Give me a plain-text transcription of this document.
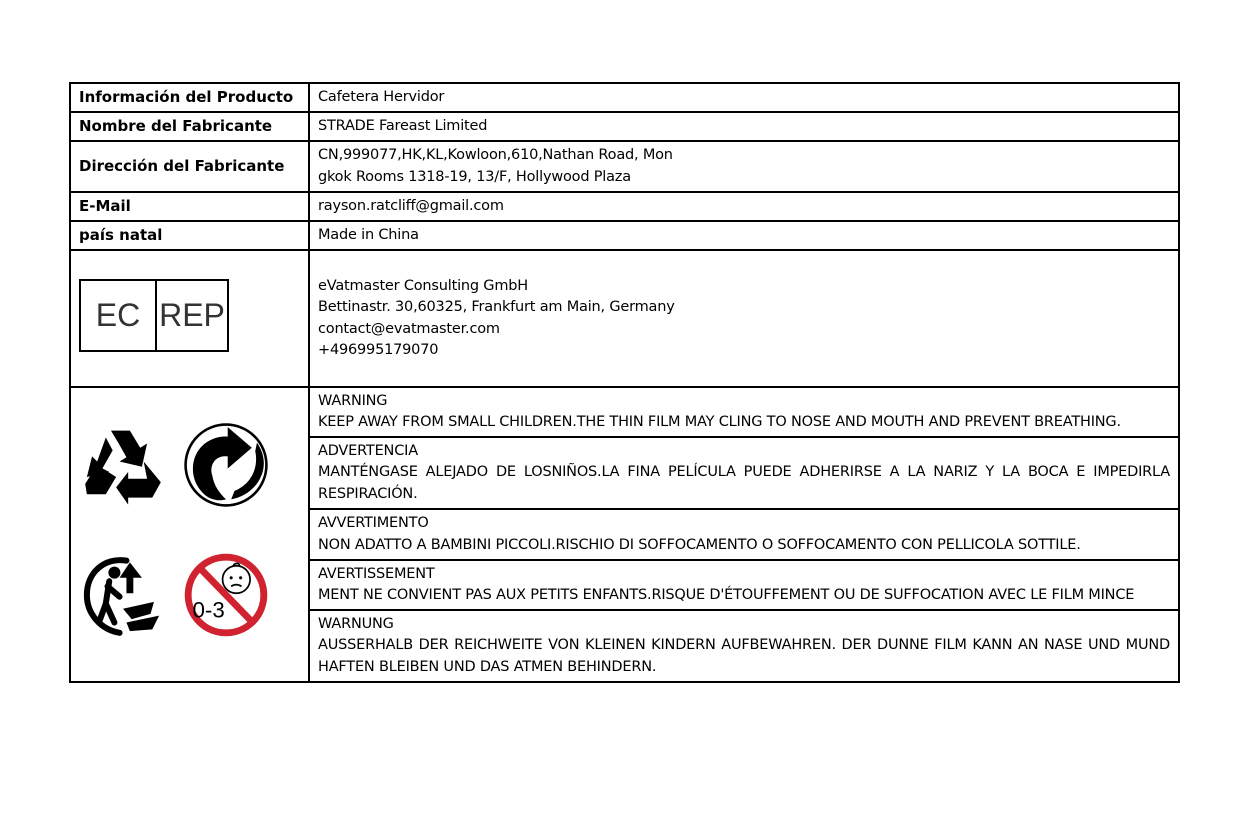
Información del Producto	Cafetera Hervidor
Nombre del Fabricante	STRADE Fareast Limited
Dirección del Fabricante	CN,999077,HK,KL,Kowloon,610,Nathan Road, Mon
gkok Rooms 1318-19, 13/F, Hollywood Plaza

E-Mail	rayson.ratcliff@gmail.com
país natal	Made in China

EC REP	eVatmaster Consulting GmbH
Bettinastr. 30,60325, Frankfurt am Main, Germany
contact@evatmaster.com
+496995179070

0-3	WARNING
KEEP AWAY FROM SMALL CHILDREN.THE THIN FILM MAY CLING TO NOSE AND MOUTH AND PREVENT BREATHING.

	ADVERTENCIA
MANTÉNGASE ALEJADO DE LOSNIÑOS.LA FINA PELÍCULA PUEDE ADHERIRSE A LA NARIZ Y LA BOCA E IMPEDIRLA RESPIRACIÓN.

	AVVERTIMENTO
NON ADATTO A BAMBINI PICCOLI.RISCHIO DI SOFFOCAMENTO O SOFFOCAMENTO CON PELLICOLA SOTTILE.

	AVERTISSEMENT
MENT NE CONVIENT PAS AUX PETITS ENFANTS.RISQUE D'ÉTOUFFEMENT OU DE SUFFOCATION AVEC LE FILM MINCE

	WARNUNG
AUSSERHALB DER REICHWEITE VON KLEINEN KINDERN AUFBEWAHREN. DER DUNNE FILM KANN AN NASE UND MUND HAFTEN BLEIBEN UND DAS ATMEN BEHINDERN.
